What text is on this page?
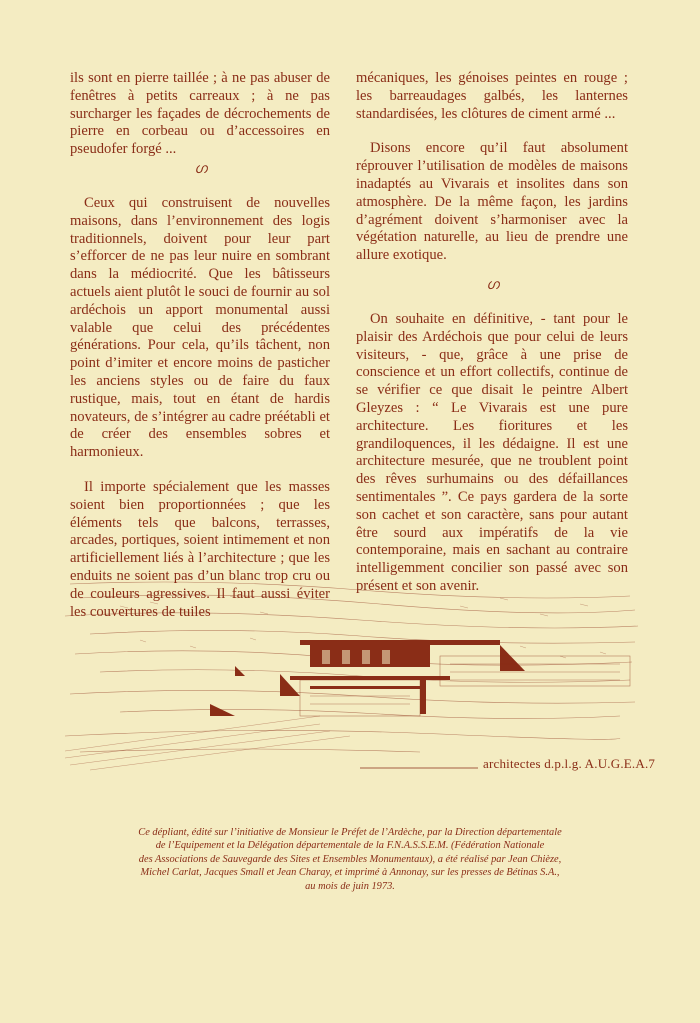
ils sont en pierre taillée ; à ne pas abuser de fenêtres à petits carreaux ; à ne pas surcharger les façades de décrochements de pierre en corbeau ou d’accessoires en pseudofer forgé ...

ഗ

Ceux qui construisent de nouvelles maisons, dans l’environnement des logis traditionnels, doivent pour leur part s’efforcer de ne pas leur nuire en sombrant dans la médiocrité. Que les bâtisseurs actuels aient plutôt le souci de fournir au sol ardéchois un apport monumental aussi valable que celui des précédentes générations. Pour cela, qu’ils tâchent, non point d’imiter et encore moins de pasticher les anciens styles ou de faire du faux rustique, mais, tout en étant de hardis novateurs, de s’intégrer au cadre préétabli et de créer des ensembles sobres et harmonieux.

Il importe spécialement que les masses soient bien proportionnées ; que les éléments tels que balcons, terrasses, arcades, portiques, soient intimement et non artificiellement liés à l’architecture ; que les enduits ne soient pas d’un blanc trop cru ou de couleurs agressives. Il faut aussi éviter les couvertures de tuiles

mécaniques, les génoises peintes en rouge ; les barreaudages galbés, les lanternes standardisées, les clôtures de ciment armé ...

Disons encore qu’il faut absolument réprouver l’utilisation de modèles de maisons inadaptés au Vivarais et insolites dans son atmosphère. De la même façon, les jardins d’agrément doivent s’harmoniser avec la végétation naturelle, au lieu de prendre une allure exotique.

ഗ

On souhaite en définitive, - tant pour le plaisir des Ardéchois que pour celui de leurs visiteurs, - que, grâce à une prise de conscience et un effort collectifs, continue de se vérifier ce que disait le peintre Albert Gleyzes : “ Le Vivarais est une pure architecture. Les fioritures et les grandiloquences, il les dédaigne. Il est une architecture mesurée, que ne troublent point des rêves surhumains ou des défaillances sentimentales ”. Ce pays gardera de la sorte son cachet et son caractère, sans pour autant être sourd aux impératifs de la vie contemporaine, mais en sachant au contraire intelligemment concilier son passé avec son présent et son avenir.

architectes d.p.l.g. A.U.G.E.A.7
Ce dépliant, édité sur l’initiative de Monsieur le Préfet de l’Ardèche, par la Direction départementale
de l’Equipement et la Délégation départementale de la F.N.A.S.S.E.M. (Fédération Nationale
des Associations de Sauvegarde des Sites et Ensembles Monumentaux), a été réalisé par Jean Chièze,
Michel Carlat, Jacques Small et Jean Charay, et imprimé à Annonay, sur les presses de Bétinas S.A.,
au mois de juin 1973.
